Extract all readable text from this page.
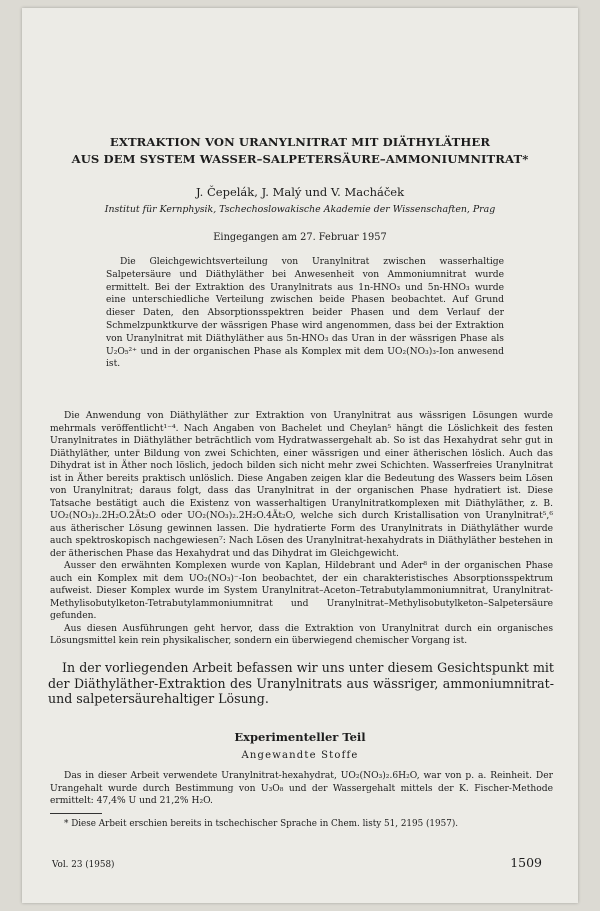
EXTRAKTION VON URANYLNITRAT MIT DIÄTHYLÄTHER
AUS DEM SYSTEM WASSER–SALPETERSÄURE–AMMONIUMNITRAT*
J. Čepelák, J. Malý und V. Macháček
Institut für Kernphysik, Tschechoslowakische Akademie der Wissenschaften, Prag
Eingegangen am 27. Februar 1957

Die Gleichgewichtsverteilung von Uranylnitrat zwischen wasserhaltige Salpetersäure und Diäthyläther bei Anwesenheit von Ammoniumnitrat wurde ermittelt. Bei der Extraktion des Uranylnitrats aus 1n-HNO₃ und 5n-HNO₃ wurde eine unterschiedliche Verteilung zwischen beide Phasen beobachtet. Auf Grund dieser Daten, den Absorptionsspektren beider Phasen und dem Verlauf der Schmelzpunktkurve der wässrigen Phase wird angenommen, dass bei der Extraktion von Uranylnitrat mit Diäthyläther aus 5n-HNO₃ das Uran in der wässrigen Phase als U₂O₅²⁺ und in der organischen Phase als Komplex mit dem UO₂(NO₃)₃-Ion anwesend ist.

Die Anwendung von Diäthyläther zur Extraktion von Uranylnitrat aus wässrigen Lösungen wurde mehrmals veröffentlicht¹⁻⁴. Nach Angaben von Bachelet und Cheylan⁵ hängt die Löslichkeit des festen Uranylnitrates in Diäthyläther beträchtlich vom Hydratwassergehalt ab. So ist das Hexahydrat sehr gut in Diäthyläther, unter Bildung von zwei Schichten, einer wässrigen und einer ätherischen löslich. Auch das Dihydrat ist in Äther noch löslich, jedoch bilden sich nicht mehr zwei Schichten. Wasserfreies Uranylnitrat ist in Äther bereits praktisch unlöslich. Diese Angaben zeigen klar die Bedeutung des Wassers beim Lösen von Uranylnitrat; daraus folgt, dass das Uranylnitrat in der organischen Phase hydratiert ist. Diese Tatsache bestätigt auch die Existenz von wasserhaltigen Uranylnitratkomplexen mit Diäthyläther, z. B. UO₂(NO₃)₂.2H₂O.2Ät₂O oder UO₂(NO₃)₂.2H₂O.4Ät₂O, welche sich durch Kristallisation von Uranylnitrat⁵,⁶ aus ätherischer Lösung gewinnen lassen. Die hydratierte Form des Uranylnitrats in Diäthyläther wurde auch spektroskopisch nachgewiesen⁷: Nach Lösen des Uranylnitrat-hexahydrats in Diäthyläther bestehen in der ätherischen Phase das Hexahydrat und das Dihydrat im Gleichgewicht.

Ausser den erwähnten Komplexen wurde von Kaplan, Hildebrant und Ader⁸ in der organischen Phase auch ein Komplex mit dem UO₂(NO₃)⁻-Ion beobachtet, der ein charakteristisches Absorptionsspektrum aufweist. Dieser Komplex wurde im System Uranylnitrat–Aceton–Tetrabutylammoniumnitrat, Uranylnitrat-Methylisobutylketon-Tetrabutylammoniumnitrat und Uranylnitrat–Methylisobutylketon–Salpetersäure gefunden.

Aus diesen Ausführungen geht hervor, dass die Extraktion von Uranylnitrat durch ein organisches Lösungsmittel kein rein physikalischer, sondern ein überwiegend chemischer Vorgang ist.

In der vorliegenden Arbeit befassen wir uns unter diesem Gesichtspunkt mit der Diäthyläther-Extraktion des Uranylnitrats aus wässriger, ammoniumnitrat- und salpetersäurehaltiger Lösung.

Experimenteller Teil
Angewandte Stoffe

Das in dieser Arbeit verwendete Uranylnitrat-hexahydrat, UO₂(NO₃)₂.6H₂O, war von p. a. Reinheit. Der Urangehalt wurde durch Bestimmung von U₃O₈ und der Wassergehalt mittels der K. Fischer-Methode ermittelt: 47,4% U und 21,2% H₂O.

* Diese Arbeit erschien bereits in tschechischer Sprache in Chem. listy 51, 2195 (1957).

Vol. 23 (1958)	1509
